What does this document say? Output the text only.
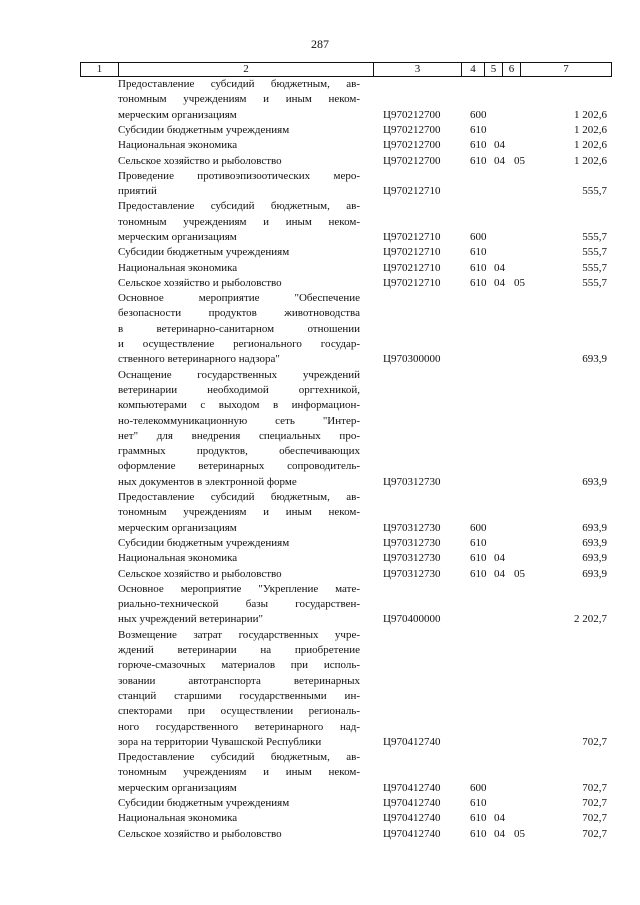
287
1	2	3	4	5	6	7
Предоставление субсидий бюджетным, ав-
тономным учреждениям и иным неком-
мерческим организациям	Ц970212700	600	1 202,6
Субсидии бюджетным учреждениям	Ц970212700	610	1 202,6
Национальная экономика	Ц970212700	610 04	1 202,6
Сельское хозяйство и рыболовство	Ц970212700	610 04 05	1 202,6
Проведение противоэпизоотических меро-
приятий	Ц970212710	555,7
Предоставление субсидий бюджетным, ав-
тономным учреждениям и иным неком-
мерческим организациям	Ц970212710	600	555,7
Субсидии бюджетным учреждениям	Ц970212710	610	555,7
Национальная экономика	Ц970212710	610 04	555,7
Сельское хозяйство и рыболовство	Ц970212710	610 04 05	555,7
Основное мероприятие "Обеспечение
безопасности продуктов животноводства
в ветеринарно-санитарном отношении
и осуществление регионального государ-
ственного ветеринарного надзора"	Ц970300000	693,9
Оснащение государственных учреждений
ветеринарии необходимой оргтехникой,
компьютерами с выходом в информацион-
но-телекоммуникационную сеть "Интер-
нет" для внедрения специальных про-
граммных продуктов, обеспечивающих
оформление ветеринарных сопроводитель-
ных документов в электронной форме	Ц970312730	693,9
Предоставление субсидий бюджетным, ав-
тономным учреждениям и иным неком-
мерческим организациям	Ц970312730	600	693,9
Субсидии бюджетным учреждениям	Ц970312730	610	693,9
Национальная экономика	Ц970312730	610 04	693,9
Сельское хозяйство и рыболовство	Ц970312730	610 04 05	693,9
Основное мероприятие "Укрепление мате-
риально-технической базы государствен-
ных учреждений ветеринарии"	Ц970400000	2 202,7
Возмещение затрат государственных учре-
ждений ветеринарии на приобретение
горюче-смазочных материалов при исполь-
зовании автотранспорта ветеринарных
станций старшими государственными ин-
спекторами при осуществлении региональ-
ного государственного ветеринарного над-
зора на территории Чувашской Республики	Ц970412740	702,7
Предоставление субсидий бюджетным, ав-
тономным учреждениям и иным неком-
мерческим организациям	Ц970412740	600	702,7
Субсидии бюджетным учреждениям	Ц970412740	610	702,7
Национальная экономика	Ц970412740	610 04	702,7
Сельское хозяйство и рыболовство	Ц970412740	610 04 05	702,7
